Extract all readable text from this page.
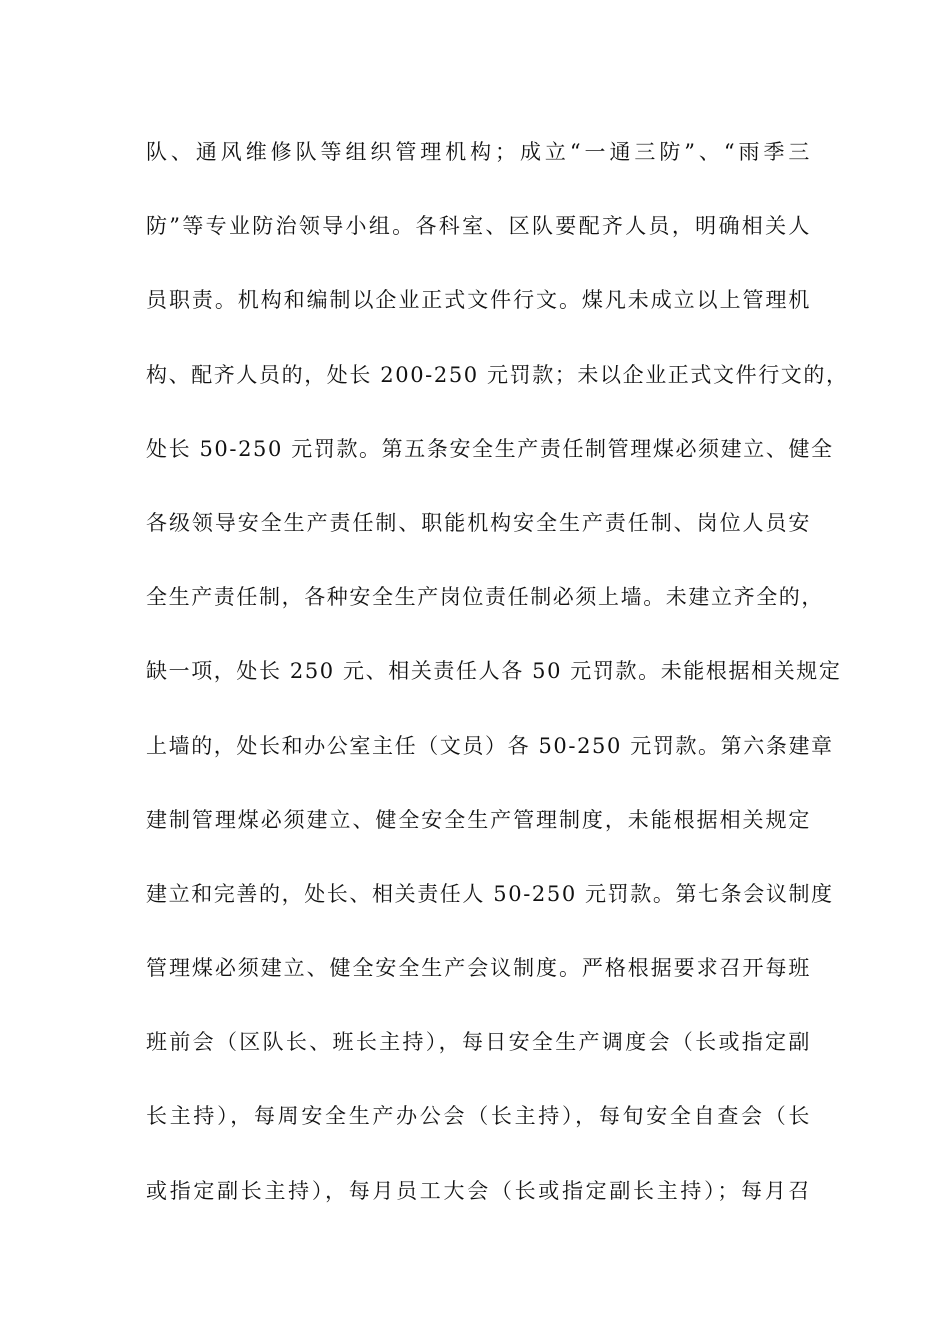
队、通风维修队等组织管理机构；成立“一通三防”、“雨季三
防”等专业防治领导小组。各科室、区队要配齐人员，明确相关人
员职责。机构和编制以企业正式文件行文。煤凡未成立以上管理机
构、配齐人员的，处长 200-250 元罚款；未以企业正式文件行文的，
处长 50-250 元罚款。第五条安全生产责任制管理煤必须建立、健全
各级领导安全生产责任制、职能机构安全生产责任制、岗位人员安
全生产责任制，各种安全生产岗位责任制必须上墙。未建立齐全的，
缺一项，处长 250 元、相关责任人各 50 元罚款。未能根据相关规定
上墙的，处长和办公室主任（文员）各 50-250 元罚款。第六条建章
建制管理煤必须建立、健全安全生产管理制度，未能根据相关规定
建立和完善的，处长、相关责任人 50-250 元罚款。第七条会议制度
管理煤必须建立、健全安全生产会议制度。严格根据要求召开每班
班前会（区队长、班长主持），每日安全生产调度会（长或指定副
长主持），每周安全生产办公会（长主持），每旬安全自查会（长
或指定副长主持），每月员工大会（长或指定副长主持）；每月召
